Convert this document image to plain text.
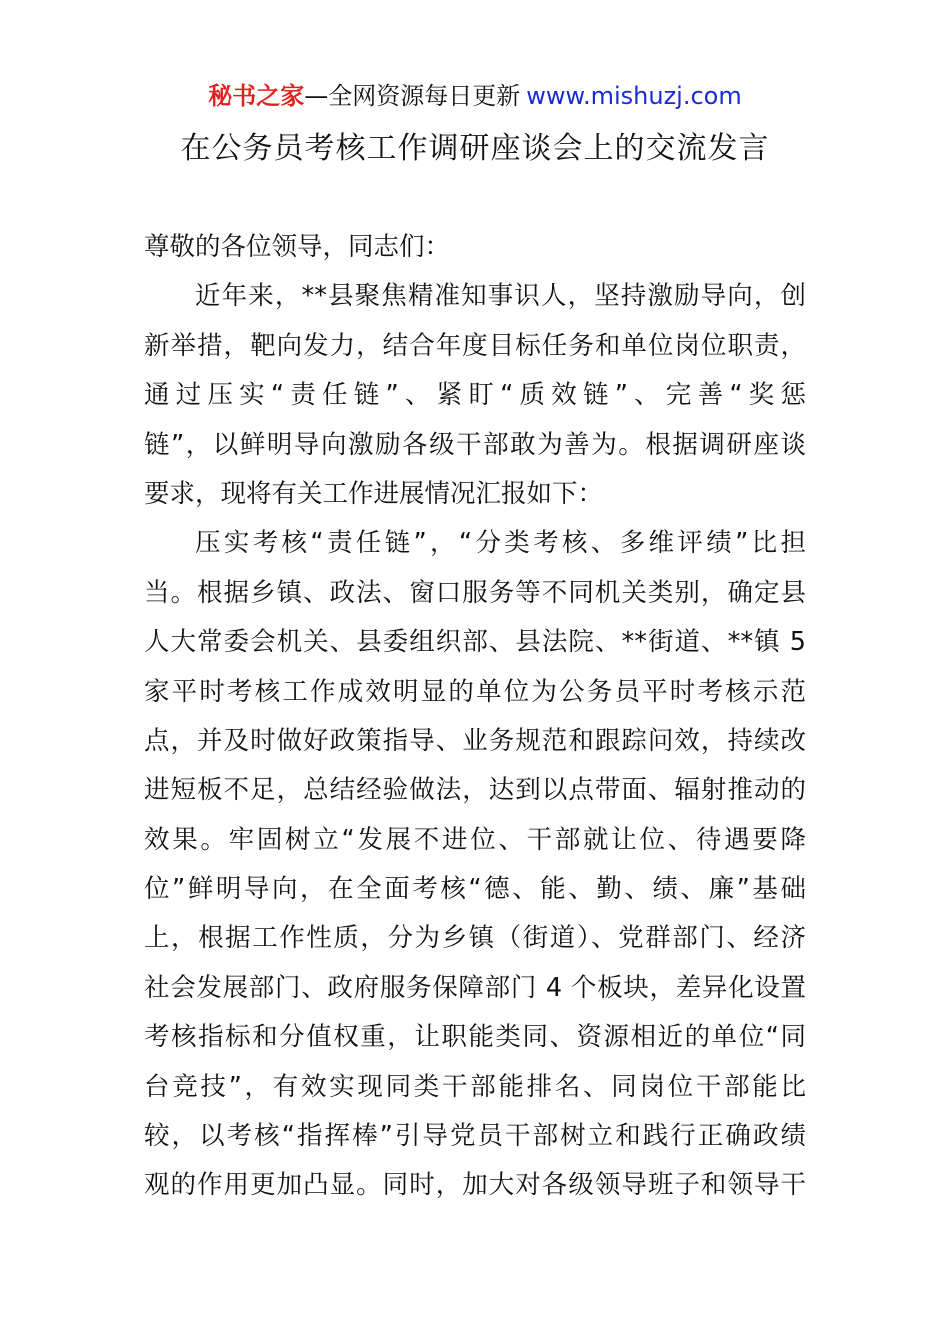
秘书之家—全网资源每日更新 www.mishuzj.com
在公务员考核工作调研座谈会上的交流发言
尊敬的各位领导，同志们：
近年来，**县聚焦精准知事识人，坚持激励导向，创
新举措，靶向发力，结合年度目标任务和单位岗位职责，
通过压实“责任链”、紧盯“质效链”、完善“奖惩
链”，以鲜明导向激励各级干部敢为善为。根据调研座谈
要求，现将有关工作进展情况汇报如下：
压实考核“责任链”，“分类考核、多维评绩”比担
当。根据乡镇、政法、窗口服务等不同机关类别，确定县
人大常委会机关、县委组织部、县法院、**街道、**镇 5
家平时考核工作成效明显的单位为公务员平时考核示范
点，并及时做好政策指导、业务规范和跟踪问效，持续改
进短板不足，总结经验做法，达到以点带面、辐射推动的
效果。牢固树立“发展不进位、干部就让位、待遇要降
位”鲜明导向，在全面考核“德、能、勤、绩、廉”基础
上，根据工作性质，分为乡镇（街道）、党群部门、经济
社会发展部门、政府服务保障部门 4 个板块，差异化设置
考核指标和分值权重，让职能类同、资源相近的单位“同
台竞技”，有效实现同类干部能排名、同岗位干部能比
较，以考核“指挥棒”引导党员干部树立和践行正确政绩
观的作用更加凸显。同时，加大对各级领导班子和领导干
